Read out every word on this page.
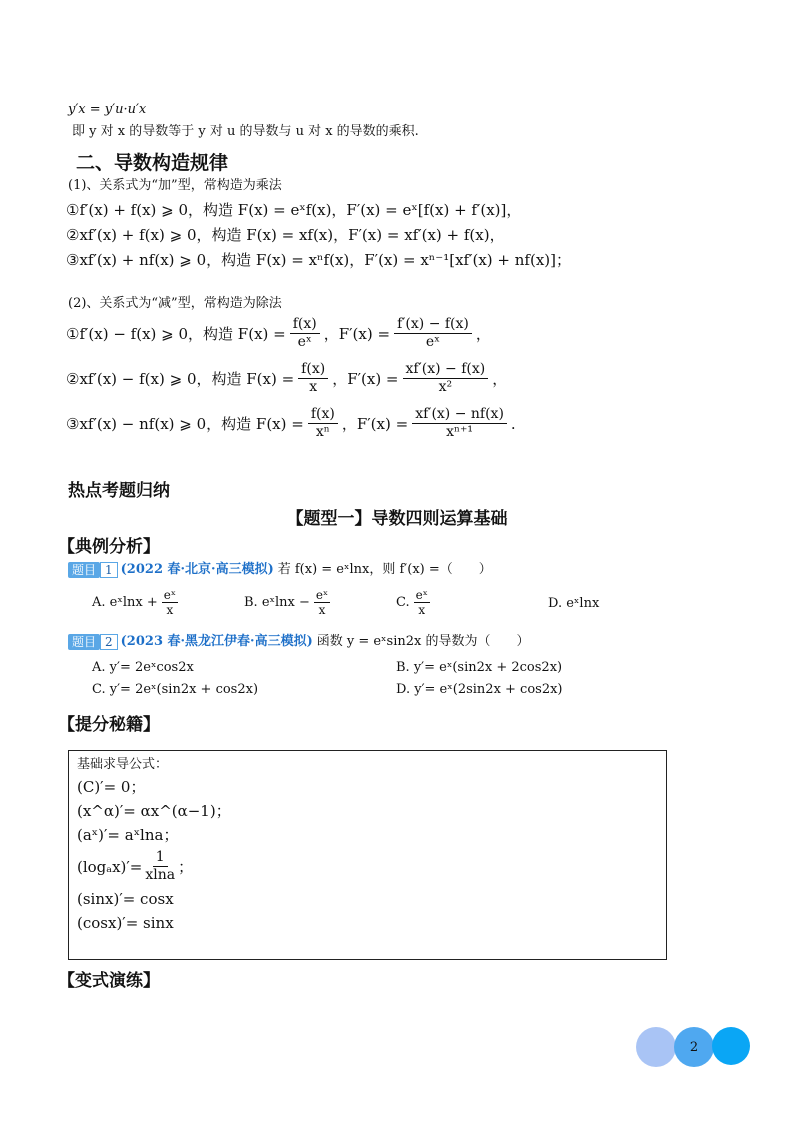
y′x = y′u·u′x
即 y 对 x 的导数等于 y 对 u 的导数与 u 对 x 的导数的乘积.
二、导数构造规律
(1)、关系式为“加”型，常构造为乘法
①f′(x) + f(x) ⩾ 0，构造 F(x) = eˣf(x)，F′(x) = eˣ[f(x) + f′(x)]，
②xf′(x) + f(x) ⩾ 0，构造 F(x) = xf(x)，F′(x) = xf′(x) + f(x)，
③xf′(x) + nf(x) ⩾ 0，构造 F(x) = xⁿf(x)，F′(x) = xⁿ⁻¹[xf′(x) + nf(x)]；
(2)、关系式为“减”型，常构造为除法
①f′(x) − f(x) ⩾ 0，构造 $F(x) = \frac{f(x)}{\text{eˣ}}$ ，$F'(x) = \frac{f'(x) - f(x)}{\text{eˣ}}$ ，
②xf′(x) − f(x) ⩾ 0，构造 $F(x) = \frac{f(x)}{x}$ ，$F'(x) = \frac{xf'(x) - f(x)}{\text{x²}}$ ，
③xf′(x) − nf(x) ⩾ 0，构造 $F(x) = \frac{f(x)}{\text{xⁿ}}$ ，$F'(x) = \frac{xf'(x) - nf(x)}{\text{xⁿ⁺¹}}$ .
热点考题归纳
【题型一】导数四则运算基础
【典例分析】
题目 1 (2022 春·北京·高三模拟) 若 f(x) = eˣlnx，则 f′(x) =（　　）
A. eˣlnx + $\frac{\text{eˣ}}{x}$	B. eˣlnx − $\frac{\text{eˣ}}{x}$	C. $\frac{\text{eˣ}}{x}$	D. eˣlnx
题目 2 (2023 春·黑龙江伊春·高三模拟) 函数 y = eˣsin2x 的导数为（　　）
A. y′= 2eˣcos2x	B. y′= eˣ(sin2x + 2cos2x)
C. y′= 2eˣ(sin2x + cos2x)	D. y′= eˣ(2sin2x + cos2x)
【提分秘籍】
基础求导公式：
(C)′= 0；
(x^α)′= αx^(α−1)；
(aˣ)′= aˣlna；
$(\log_ax)'= \frac{1}{xlna}$ ；
(sinx)′= cosx
(cosx)′= sinx
【变式演练】
2
